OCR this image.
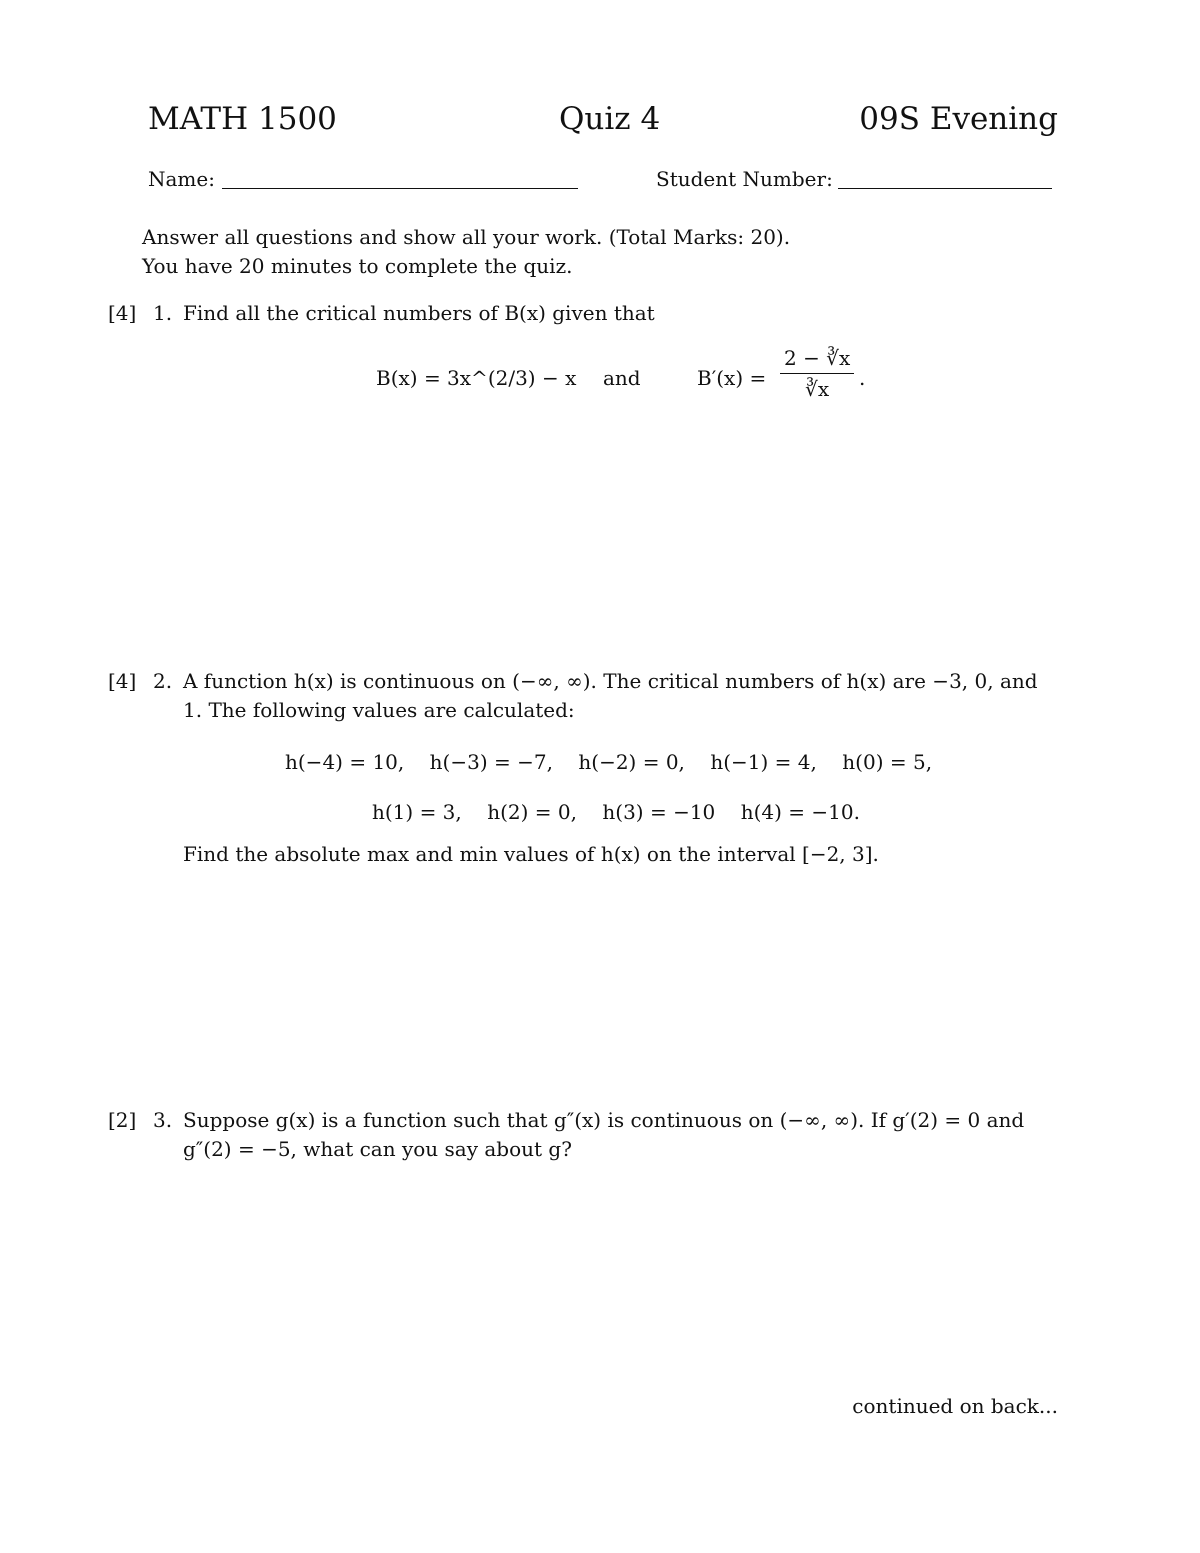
MATH 1500	Quiz 4	09S Evening
Name:	Student Number:
Answer all questions and show all your work. (Total Marks: 20).
You have 20 minutes to complete the quiz.
[4] 1. Find all the critical numbers of B(x) given that
B(x) = 3x^(2/3) − x and	$B'(x) = \frac{2 - ∛x}{∛x}$ .
[4] 2. A function h(x) is continuous on (−∞, ∞). The critical numbers of h(x) are −3, 0, and
1. The following values are calculated:
h(−4) = 10,    h(−3) = −7,    h(−2) = 0,    h(−1) = 4,    h(0) = 5,
h(1) = 3,    h(2) = 0,    h(3) = −10    h(4) = −10.
Find the absolute max and min values of h(x) on the interval [−2, 3].
[2] 3. Suppose g(x) is a function such that g″(x) is continuous on (−∞, ∞). If g′(2) = 0 and
g″(2) = −5, what can you say about g?
continued on back...
